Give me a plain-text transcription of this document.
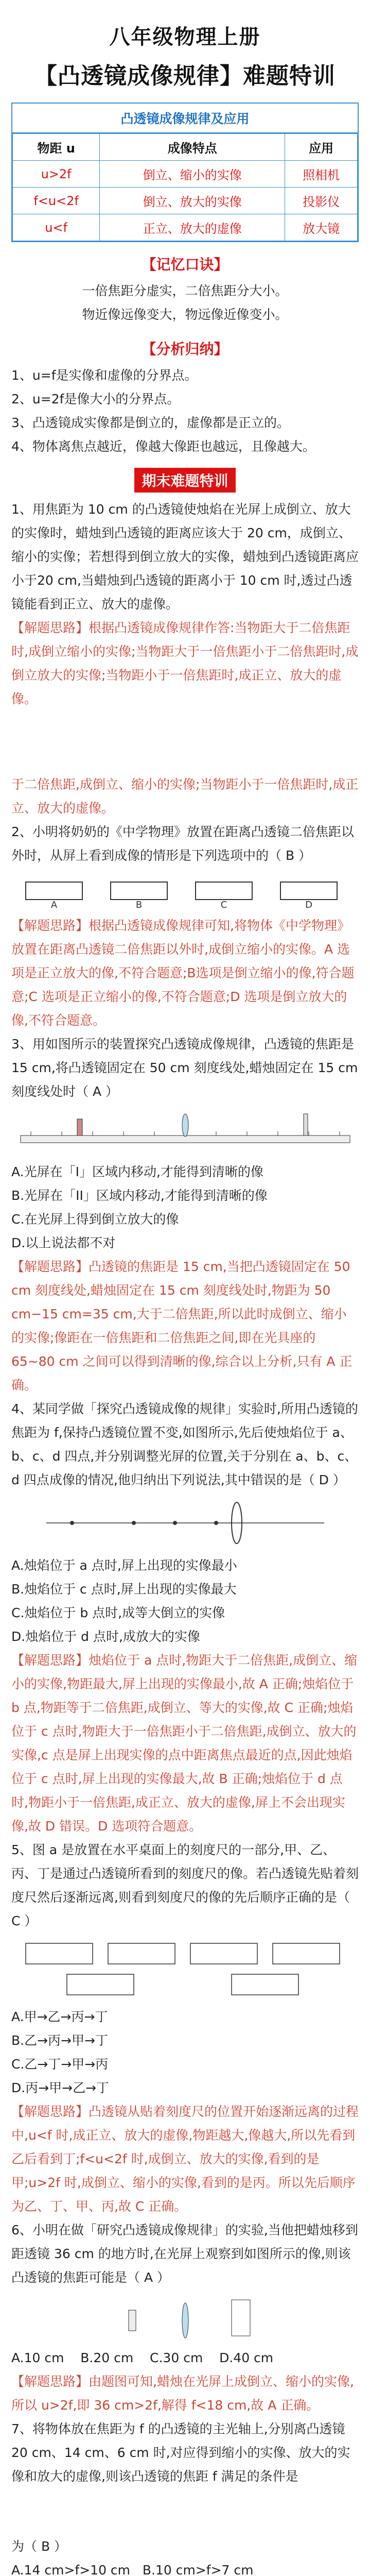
八年级物理上册
【凸透镜成像规律】难题特训
凸透镜成像规律及应用
物距 u	成像特点	应用
u>2f	倒立、缩小的实像	照相机
f<u<2f	倒立、放大的实像	投影仪
u<f	正立、放大的虚像	放大镜
【记忆口诀】
一倍焦距分虚实，二倍焦距分大小。
物近像远像变大，物远像近像变小。
【分析归纳】
1、u=f是实像和虚像的分界点。
2、u=2f是像大小的分界点。
3、凸透镜成实像都是倒立的，虚像都是正立的。
4、物体离焦点越近，像越大像距也越远，且像越大。
期末难题特训

1、用焦距为 10 cm 的凸透镜使烛焰在光屏上成倒立、放大的实像时，蜡烛到凸透镜的距离应该大于 20 cm，成倒立、缩小的实像；若想得到倒立放大的实像，蜡烛到凸透镜距离应小于20 cm,当蜡烛到凸透镜的距离小于 10 cm 时,透过凸透镜能看到正立、放大的虚像。

【解题思路】根据凸透镜成像规律作答:当物距大于二倍焦距时,成倒立缩小的实像;当物距大于一倍焦距小于二倍焦距时,成倒立放大的实像;当物距小于一倍焦距时,成正立、放大的虚像。

于二倍焦距,成倒立、缩小的实像;当物距小于一倍焦距时,成正立、放大的虚像。

2、小明将奶奶的《中学物理》放置在距离凸透镜二倍焦距以外时，从屏上看到成像的情形是下列选项中的（ B ）

A	B	C	D

【解题思路】根据凸透镜成像规律可知,将物体《中学物理》放置在距离凸透镜二倍焦距以外时,成倒立缩小的实像。A 选项是正立放大的像,不符合题意;B选项是倒立缩小的像,符合题意;C 选项是正立缩小的像,不符合题意;D 选项是倒立放大的像,不符合题意。

3、用如图所示的装置探究凸透镜成像规律，凸透镜的焦距是 15 cm,将凸透镜固定在 50 cm 刻度线处,蜡烛固定在 15 cm 刻度线处时（ A ）

A.光屏在「I」区域内移动,才能得到清晰的像
B.光屏在「II」区域内移动,才能得到清晰的像
C.在光屏上得到倒立放大的像
D.以上说法都不对

【解题思路】凸透镜的焦距是 15 cm,当把凸透镜固定在 50 cm 刻度线处,蜡烛固定在 15 cm 刻度线处时,物距为 50 cm−15 cm=35 cm,大于二倍焦距,所以此时成倒立、缩小的实像;像距在一倍焦距和二倍焦距之间,即在光具座的 65~80 cm 之间可以得到清晰的像,综合以上分析,只有 A 正确。

4、某同学做「探究凸透镜成像的规律」实验时,所用凸透镜的焦距为 f,保持凸透镜位置不变,如图所示,先后使烛焰位于 a、b、c、d 四点,并分别调整光屏的位置,关于分别在 a、b、c、d 四点成像的情况,他归纳出下列说法,其中错误的是（ D ）

A.烛焰位于 a 点时,屏上出现的实像最小
B.烛焰位于 c 点时,屏上出现的实像最大
C.烛焰位于 b 点时,成等大倒立的实像
D.烛焰位于 d 点时,成放大的实像

【解题思路】烛焰位于 a 点时,物距大于二倍焦距,成倒立、缩小的实像,物距最大,屏上出现的实像最小,故 A 正确;烛焰位于 b 点,物距等于二倍焦距,成倒立、等大的实像,故 C 正确;烛焰位于 c 点时,物距大于一倍焦距小于二倍焦距,成倒立、放大的实像,c 点是屏上出现实像的点中距离焦点最近的点,因此烛焰位于 c 点时,屏上出现的实像最大,故 B 正确;烛焰位于 d 点时,物距小于一倍焦距,成正立、放大的虚像,屏上不会出现实像,故 D 错误。D 选项符合题意。

5、图 a 是放置在水平桌面上的刻度尺的一部分,甲、乙、丙、丁是通过凸透镜所看到的刻度尺的像。若凸透镜先贴着刻度尺然后逐渐远离,则看到刻度尺的像的先后顺序正确的是（ C ）

A.甲→乙→丙→丁
B.乙→丙→甲→丁
C.乙→丁→甲→丙
D.丙→甲→乙→丁

【解题思路】凸透镜从贴着刻度尺的位置开始逐渐远离的过程中,u<f 时,成正立、放大的虚像,物距越大,像越大,所以先看到乙后看到丁;f<u<2f 时,成倒立、放大的实像,看到的是甲;u>2f 时,成倒立、缩小的实像,看到的是丙。所以先后顺序为乙、丁、甲、丙,故 C 正确。

6、小明在做「研究凸透镜成像规律」的实验,当他把蜡烛移到距透镜 36 cm 的地方时,在光屏上观察到如图所示的像,则该凸透镜的焦距可能是（ A ）

A.10 cm B.20 cm C.30 cm D.40 cm

【解题思路】由题图可知,蜡烛在光屏上成倒立、缩小的实像,所以 u>2f,即 36 cm>2f,解得 f<18 cm,故 A 正确。

7、将物体放在焦距为 f 的凸透镜的主光轴上,分别离凸透镜 20 cm、14 cm、6 cm 时,对应得到缩小的实像、放大的实像和放大的虚像,则该凸透镜的焦距 f 满足的条件是

为（ B ）

A.14 cm>f>10 cm B.10 cm>f>7 cm
